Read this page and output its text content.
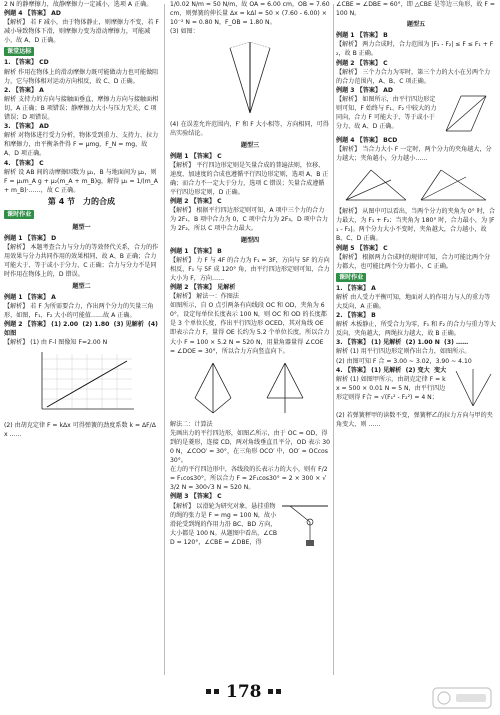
2 N 的静摩擦力，故静摩擦力一定减小，选项 A 正确。

例题 4 【答案】 AD

【解析】 若 F 减小，由于物体静止，则摩擦力不变，若 F 减小导致物体下滑，则摩擦力变为滑动摩擦力，可能减小，故 A、D 正确。

课堂达标

1. 【答案】 CD

解析 作用在物体上的滑动摩擦力既可能做动力也可能做阻力，它与物体相对运动方向相反，故 C、D 正确。

2. 【答案】 A

解析 支持力的方向与接触面垂直，摩擦力方向与接触面相切，A 正确；B 项错误；静摩擦力大小与压力无关，C 项错误；D 项错误。

3. 【答案】 AD

解析 对物体进行受力分析，物体受到重力、支持力、拉力和摩擦力，由平衡条件得 F = μmg，F_N = mg，故 A、D 项正确。

4. 【答案】 C

解析 设 AB 间的动摩擦因数为 μ₁，B 与地面间为 μ₂，则 F = μ₁m_A g + μ₂(m_A + m_B)g，解得 μ₂ = 1/(m_A + m_B)·……，故 C 正确。

第 4 节　力的合成

课时作业

题型一

例题 1 【答案】 D

【解析】 本题考查合力与分力的等效替代关系，合力的作用效果与分力共同作用的效果相同，故 A、B 正确；合力可能大于、等于或小于分力，C 正确；合力与分力不是同时作用在物体上的，D 错误。

题型二

例题 1 【答案】 A

【解析】 若 F 为所需要合力，作出两个分力的矢量三角形，如图，F₁、F₂ 大小的可能值……故 A 正确。

例题 2 【答案】 (1) 2.00  (2) 1.80  (3) 见解析  (4) 如图

【解析】 (1) 由 F-l 图像知 F=2.00 N

(2) 由胡克定律 F = kΔx 可得弹簧的劲度系数 k = ΔF/Δx ……

1/0.02 N/m = 50 N/m，故 OA = 6.00 cm，OB = 7.60 cm，则弹簧的伸长量 Δx = kΔl = 50 × (7.60 - 6.00) × 10⁻² N = 0.80 N，F_OB = 1.80 N。

(3) 如图：

(4) 在误差允许范围内，F′ 和 F 大小相等，方向相同，可得出实验结论。

题型三

例题 1 【答案】 C

【解析】 平行四边形定则是矢量合成的普遍法则，位移、速度、加速度的合成也遵循平行四边形定则，选项 A、B 正确；而合力不一定大于分力，选项 C 错误；矢量合成遵循平行四边形定则，D 正确。

例题 2 【答案】 C

【解析】 根据平行四边形定则可知，A 项中三个力的合力为 2F₁，B 项中合力为 0，C 项中合力为 2F₃，D 项中合力为 2F₂，所以 C 项中合力最大。

题型四

例题 1 【答案】 B

【解析】 力 F 与 4F 的合力为 F₁ = 3F，方向与 5F 的方向相反，F₁ 与 5F 成 120° 角，由平行四边形定则可知，合力大小为 F，方向……

例题 2 【答案】 见解析

【解析】 解法一：作图法

如图所示，自 O 点引两条有向线段 OC 和 OD，夹角为 60°，设定每单位长度表示 100 N，则 OC 和 OD 的长度都是 3 个单位长度，作出平行四边形 OCED，其对角线 OE 即表示合力 F，量得 OE 长约为 5.2 个单位长度，所以合力大小 F = 100 × 5.2 N = 520 N，用量角器量得 ∠COE = ∠DOE = 30°，所以合力方向竖直向下。

解法二：计算法

先画出力的平行四边形，如图乙所示，由于 OC = OD，得到的是菱形，连接 CD，两对角线垂直且平分，OD 表示 300 N，∠COO′ = 30°，在三角形 OCO′ 中，OO′ = OCcos30°。

在力的平行四边形中，各线段的长表示力的大小，则有 F/2 = F₁cos30°，所以合力 F = 2F₁cos30° = 2 × 300 × √3/2 N = 300√3 N ≈ 520 N。

例题 3 【答案】 C

【解析】 以滑轮为研究对象，悬挂重物的绳的张力是 F = mg = 100 N，故小滑轮受到绳的作用力沿 BC、BD 方向，大小都是 100 N。从题图中看出，∠CBD = 120°，∠CBE = ∠DBE，得

∠CBE = ∠DBE = 60°，即 △CBE 是等边三角形，故 F = 100 N。

题型五

例题 1 【答案】 B

【解析】 两力合成时，合力范围为 |F₁ - F₂| ≤ F ≤ F₁ + F₂，故 B 正确。

例题 2 【答案】 C

【解析】 三个力合力为零时，第三个力的大小在另两个力的合力范围内，A、B、C 项正确。

例题 3 【答案】 AD

【解析】 如图所示，由平行四边形定则可知，F 始终与 F₁、F₂ 中较大的力同向，合力 F 可能大于、等于或小于分力，故 A、D 正确。

例题 4 【答案】 BCD

【解析】 当合力大小 F 一定时，两个分力的夹角越大，分力越大；夹角越小，分力越小……

【解析】 从图中可以看出，当两个分力的夹角为 0° 时，合力最大，为 F₁ + F₂；当夹角为 180° 时，合力最小，为 |F₁ - F₂|。两个分力大小不变时，夹角越大，合力越小，故 B、C、D 正确。

例题 5 【答案】 C

【解析】 根据两力合成时的规律可知，合力可能比两个分力都大，也可能比两个分力都小，C 正确。

课时作业

1. 【答案】 A

解析 由人受力平衡可知，地面对人的作用力与人的重力等大反向，A 正确。

2. 【答案】 B

解析 木板静止，所受合力为零，F₁ 和 F₂ 的合力与重力等大反向，夹角越大，两绳拉力越大，故 B 正确。

3. 【答案】 (1) 见解析  (2) 1.00 N  (3) ……

解析 (1) 用平行四边形定则作出合力，如图所示。

(2) 由图可知 F 合 = 3.00 ~ 3.02，3.90 ~ 4.10

4. 【答案】 (1) 见解析  (2) 变大  变大

解析 (1) 如图甲所示，由胡克定律 F = kx = 500 × 0.01 N = 5 N，由平行四边形定则得 F合 = √(F₁² - F₂²) = 4 N；

(2) 若弹簧秤甲的读数不变，弹簧秤乙的拉力方向与甲的夹角变大，则 ……

178
